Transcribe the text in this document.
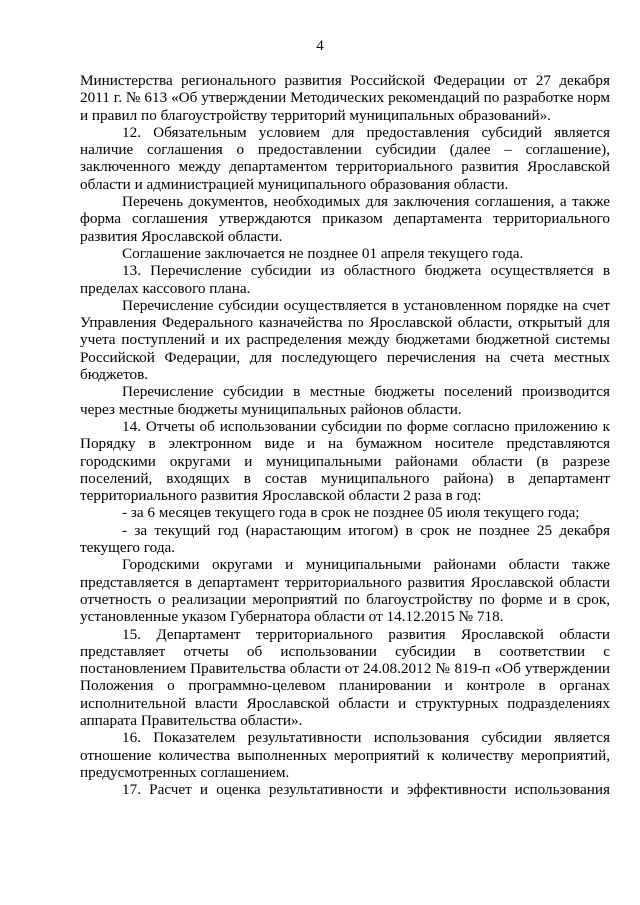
4

Министерства регионального развития Российской Федерации от 27 декабря 2011 г. № 613 «Об утверждении Методических рекомендаций по разработке норм и правил по благоустройству территорий муниципальных образований».

12. Обязательным условием для предоставления субсидий является наличие соглашения о предоставлении субсидии (далее – соглашение), заключенного между департаментом территориального развития Ярославской области и администрацией муниципального образования области.

Перечень документов, необходимых для заключения соглашения, а также форма соглашения утверждаются приказом департамента территориального развития Ярославской области.

Соглашение заключается не позднее 01 апреля текущего года.

13. Перечисление субсидии из областного бюджета осуществляется в пределах кассового плана.

Перечисление субсидии осуществляется в установленном порядке на счет Управления Федерального казначейства по Ярославской области, открытый для учета поступлений и их распределения между бюджетами бюджетной системы Российской Федерации, для последующего перечисления на счета местных бюджетов.

Перечисление субсидии в местные бюджеты поселений производится через местные бюджеты муниципальных районов области.

14. Отчеты об использовании субсидии по форме согласно приложению к Порядку в электронном виде и на бумажном носителе представляются городскими округами и муниципальными районами области (в разрезе поселений, входящих в состав муниципального района) в департамент территориального развития Ярославской области 2 раза в год:

- за 6 месяцев текущего года в срок не позднее 05 июля текущего года;

- за текущий год (нарастающим итогом) в срок не позднее 25 декабря текущего года.

Городскими округами и муниципальными районами области также представляется в департамент территориального развития Ярославской области отчетность о реализации мероприятий по благоустройству по форме и в срок, установленные указом Губернатора области от 14.12.2015 № 718.

15. Департамент территориального развития Ярославской области представляет отчеты об использовании субсидии в соответствии с постановлением Правительства области от 24.08.2012 № 819-п «Об утверждении Положения о программно-целевом планировании и контроле в органах исполнительной власти Ярославской области и структурных подразделениях аппарата Правительства области».

16. Показателем результативности использования субсидии является отношение количества выполненных мероприятий к количеству мероприятий, предусмотренных соглашением.

17. Расчет и оценка результативности и эффективности использования
